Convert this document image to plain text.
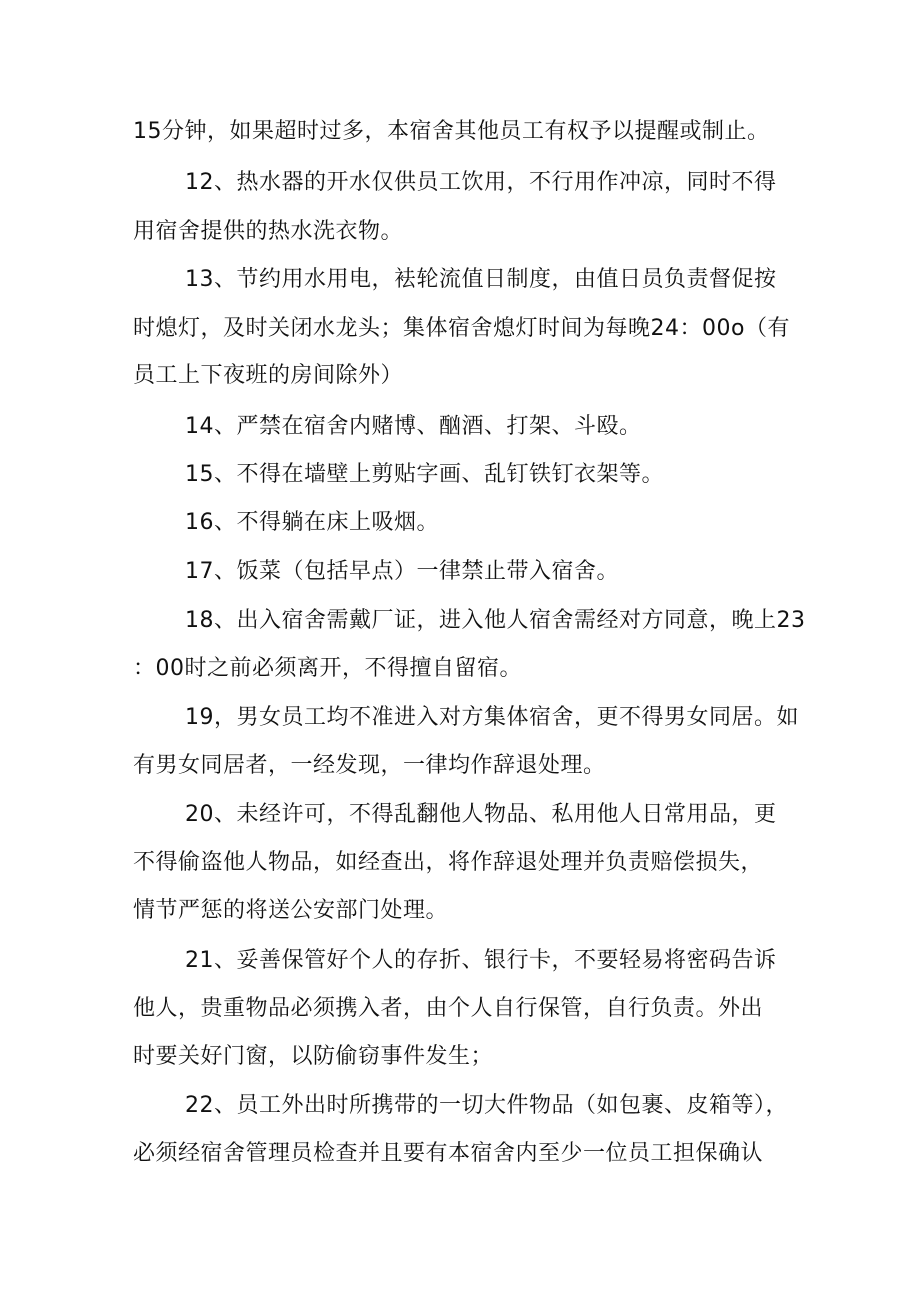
15分钟，如果超时过多，本宿舍其他员工有权予以提醒或制止。
12、热水器的开水仅供员工饮用，不行用作冲凉，同时不得
用宿舍提供的热水洗衣物。
13、节约用水用电，袪轮流值日制度，由值日员负责督促按
时熄灯，及时关闭水龙头；集体宿舍熄灯时间为每晚24：00o（有
员工上下夜班的房间除外）
14、严禁在宿舍内赌博、酗酒、打架、斗殴。
15、不得在墙壁上剪贴字画、乱钉铁钉衣架等。
16、不得躺在床上吸烟。
17、饭菜（包括早点）一律禁止带入宿舍。
18、出入宿舍需戴厂证，进入他人宿舍需经对方同意，晚上23
：00时之前必须离开，不得擅自留宿。
19，男女员工均不准进入对方集体宿舍，更不得男女同居。如
有男女同居者，一经发现，一律均作辞退处理。
20、未经许可，不得乱翻他人物品、私用他人日常用品，更
不得偷盗他人物品，如经查出，将作辞退处理并负责赔偿损失，
情节严惩的将送公安部门处理。
21、妥善保管好个人的存折、银行卡，不要轻易将密码告诉
他人，贵重物品必须携入者，由个人自行保管，自行负责。外出
时要关好门窗，以防偷窃事件发生；
22、员工外出时所携带的一切大件物品（如包裹、皮箱等），
必须经宿舍管理员检查并且要有本宿舍内至少一位员工担保确认
